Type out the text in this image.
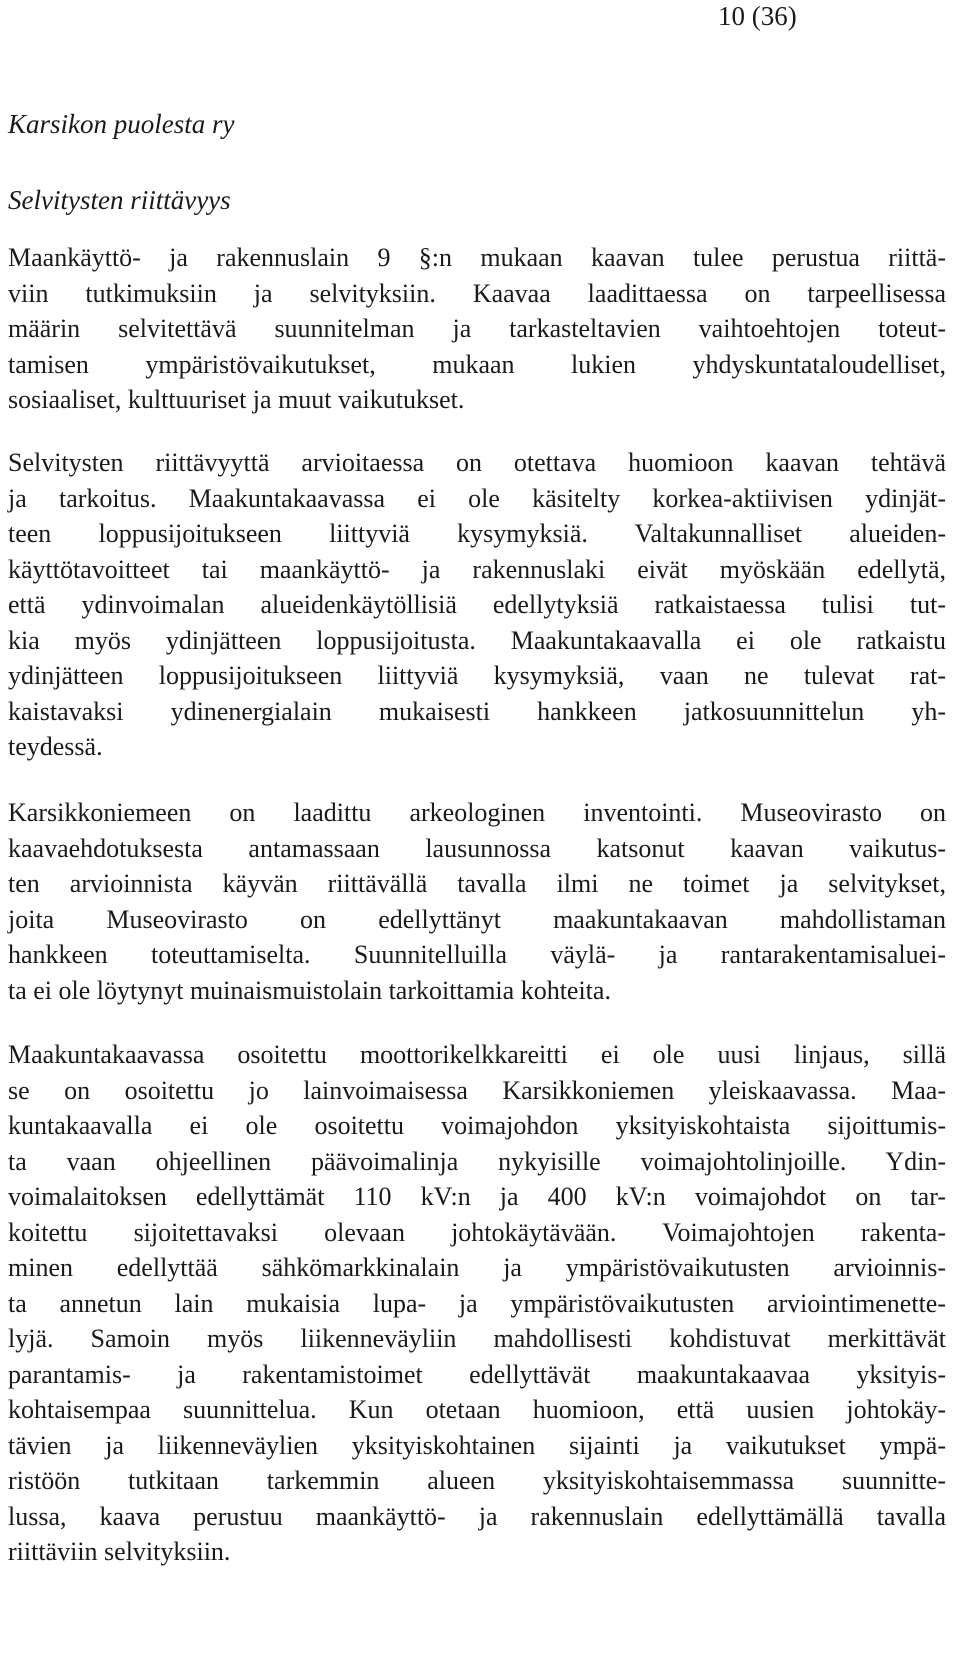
10 (36)
Karsikon puolesta ry
Selvitysten riittävyys
Maankäyttö- ja rakennuslain 9 §:n mukaan kaavan tulee perustua riittä-
viin tutkimuksiin ja selvityksiin. Kaavaa laadittaessa on tarpeellisessa
määrin selvitettävä suunnitelman ja tarkasteltavien vaihtoehtojen toteut-
tamisen ympäristövaikutukset, mukaan lukien yhdyskuntataloudelliset,
sosiaaliset, kulttuuriset ja muut vaikutukset.
Selvitysten riittävyyttä arvioitaessa on otettava huomioon kaavan tehtävä
ja tarkoitus. Maakuntakaavassa ei ole käsitelty korkea-aktiivisen ydinjät-
teen loppusijoitukseen liittyviä kysymyksiä. Valtakunnalliset alueiden-
käyttötavoitteet tai maankäyttö- ja rakennuslaki eivät myöskään edellytä,
että ydinvoimalan alueidenkäytöllisiä edellytyksiä ratkaistaessa tulisi tut-
kia myös ydinjätteen loppusijoitusta. Maakuntakaavalla ei ole ratkaistu
ydinjätteen loppusijoitukseen liittyviä kysymyksiä, vaan ne tulevat rat-
kaistavaksi ydinenergialain mukaisesti hankkeen jatkosuunnittelun yh-
teydessä.
Karsikkoniemeen on laadittu arkeologinen inventointi. Museovirasto on
kaavaehdotuksesta antamassaan lausunnossa katsonut kaavan vaikutus-
ten arvioinnista käyvän riittävällä tavalla ilmi ne toimet ja selvitykset,
joita Museovirasto on edellyttänyt maakuntakaavan mahdollistaman
hankkeen toteuttamiselta. Suunnitelluilla väylä- ja rantarakentamisaluei-
ta ei ole löytynyt muinaismuistolain tarkoittamia kohteita.
Maakuntakaavassa osoitettu moottorikelkkareitti ei ole uusi linjaus, sillä
se on osoitettu jo lainvoimaisessa Karsikkoniemen yleiskaavassa. Maa-
kuntakaavalla ei ole osoitettu voimajohdon yksityiskohtaista sijoittumis-
ta vaan ohjeellinen päävoimalinja nykyisille voimajohtolinjoille. Ydin-
voimalaitoksen edellyttämät 110 kV:n ja 400 kV:n voimajohdot on tar-
koitettu sijoitettavaksi olevaan johtokäytävään. Voimajohtojen rakenta-
minen edellyttää sähkömarkkinalain ja ympäristövaikutusten arvioinnis-
ta annetun lain mukaisia lupa- ja ympäristövaikutusten arviointimenette-
lyjä. Samoin myös liikenneväyliin mahdollisesti kohdistuvat merkittävät
parantamis- ja rakentamistoimet edellyttävät maakuntakaavaa yksityis-
kohtaisempaa suunnittelua. Kun otetaan huomioon, että uusien johtokäy-
tävien ja liikenneväylien yksityiskohtainen sijainti ja vaikutukset ympä-
ristöön tutkitaan tarkemmin alueen yksityiskohtaisemmassa suunnitte-
lussa, kaava perustuu maankäyttö- ja rakennuslain edellyttämällä tavalla
riittäviin selvityksiin.
